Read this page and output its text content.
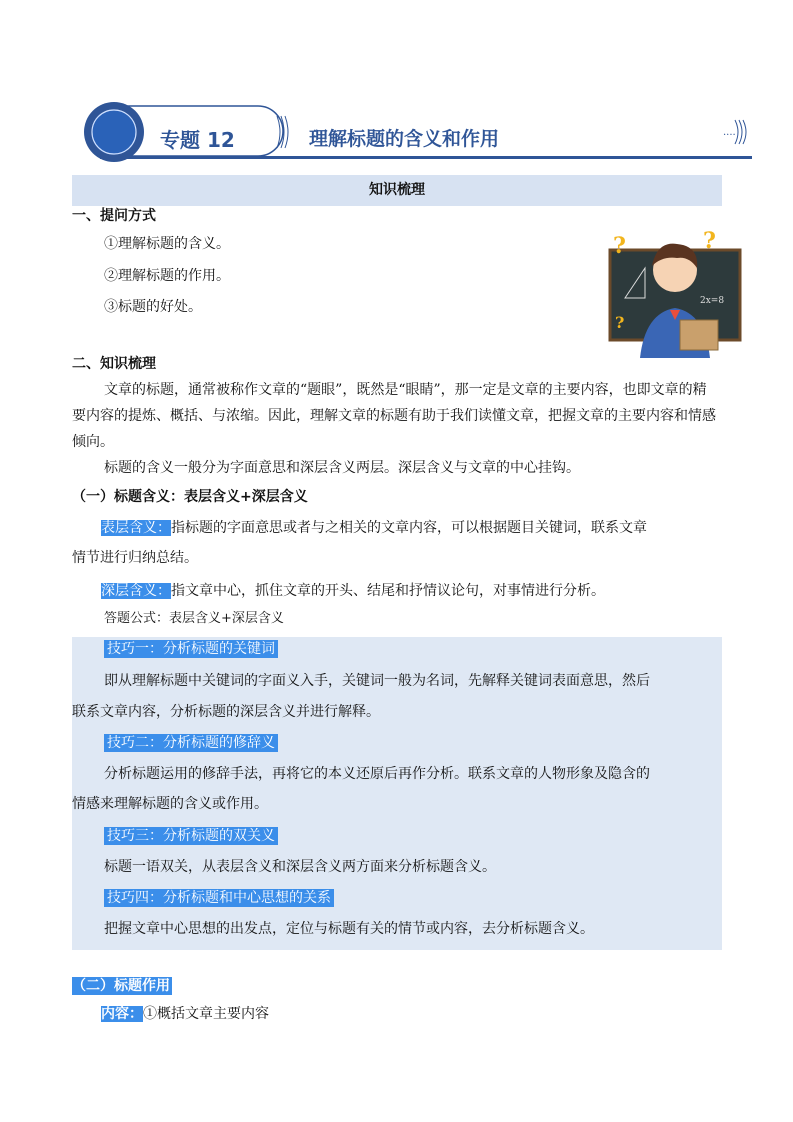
....
专题 12	理解标题的含义和作用
知识梳理
一、提问方式
①理解标题的含义。
②理解标题的作用。
③标题的好处。	2x=8
?	?
?
二、知识梳理
文章的标题，通常被称作文章的“题眼”，既然是“眼睛”，那一定是文章的主要内容，也即文章的精
要内容的提炼、概括、与浓缩。因此，理解文章的标题有助于我们读懂文章，把握文章的主要内容和情感
倾向。
标题的含义一般分为字面意思和深层含义两层。深层含义与文章的中心挂钩。
（一）标题含义：表层含义+深层含义
表层含义：指标题的字面意思或者与之相关的文章内容，可以根据题目关键词，联系文章
情节进行归纳总结。
深层含义：指文章中心，抓住文章的开头、结尾和抒情议论句，对事情进行分析。
答题公式：表层含义+深层含义
技巧一：分析标题的关键词
即从理解标题中关键词的字面义入手，关键词一般为名词，先解释关键词表面意思，然后
联系文章内容，分析标题的深层含义并进行解释。
技巧二：分析标题的修辞义
分析标题运用的修辞手法，再将它的本义还原后再作分析。联系文章的人物形象及隐含的
情感来理解标题的含义或作用。
技巧三：分析标题的双关义
标题一语双关，从表层含义和深层含义两方面来分析标题含义。
技巧四：分析标题和中心思想的关系
把握文章中心思想的出发点，定位与标题有关的情节或内容，去分析标题含义。
（二）标题作用
内容：①概括文章主要内容
